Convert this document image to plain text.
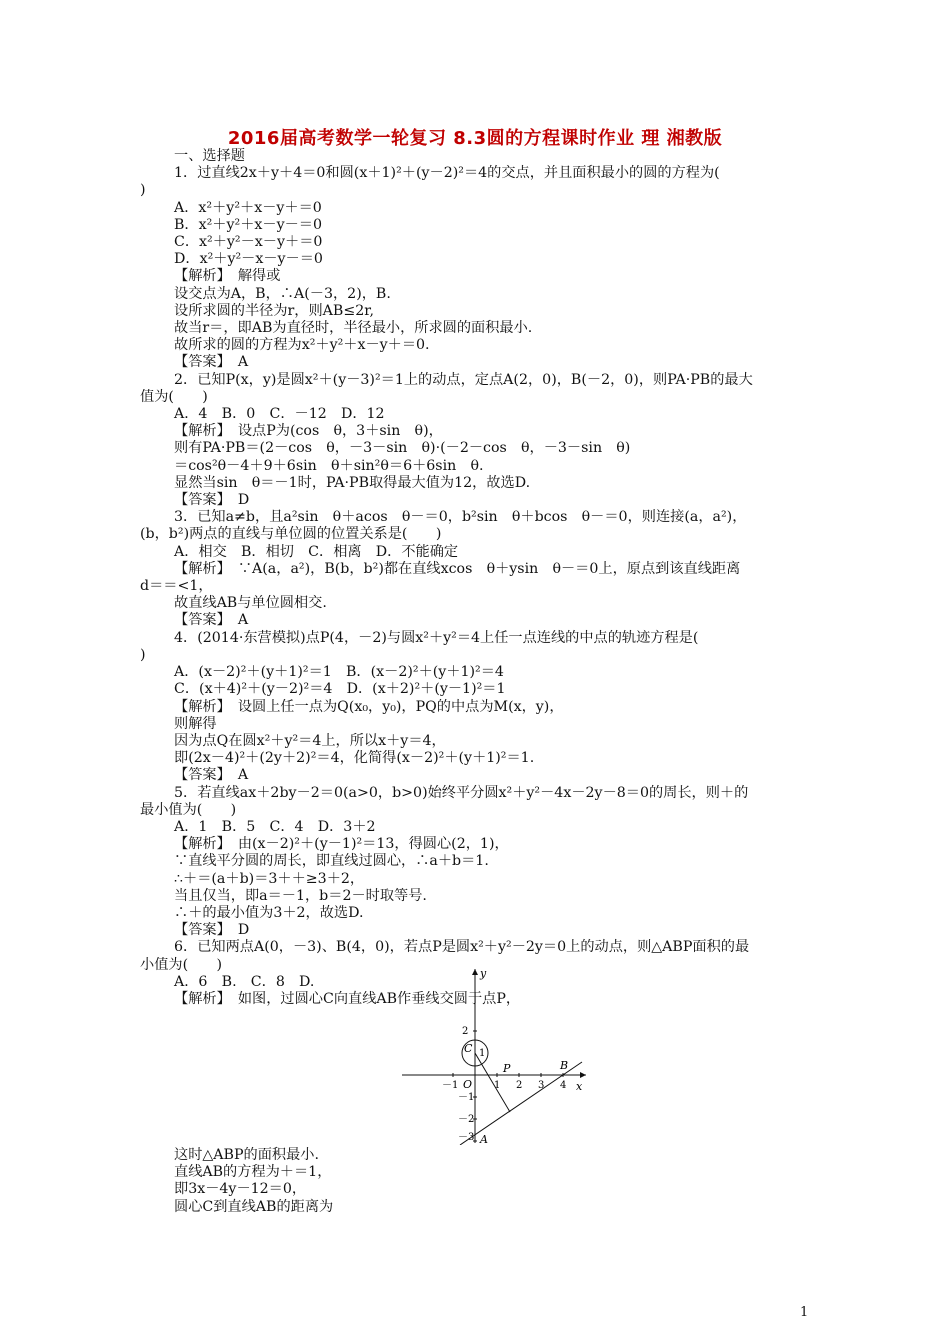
2016届高考数学一轮复习 8.3圆的方程课时作业 理 湘教版
一、选择题
1．过直线2x＋y＋4＝0和圆(x＋1)²＋(y－2)²＝4的交点，并且面积最小的圆的方程为(
)
A．x²＋y²＋x－y＋＝0
B．x²＋y²＋x－y－＝0
C．x²＋y²－x－y＋＝0
D．x²＋y²－x－y－＝0
【解析】　解得或
设交点为A，B，∴A(－3，2)，B.
设所求圆的半径为r，则AB≤2r,
故当r＝，即AB为直径时，半径最小，所求圆的面积最小.
故所求的圆的方程为x²＋y²＋x－y＋＝0.
【答案】　A
2．已知P(x，y)是圆x²＋(y－3)²＝1上的动点，定点A(2，0)，B(－2，0)，则PA·PB的最大
值为(　　)
A．4　B．0　C．－12　D．12
【解析】　设点P为(cos　θ，3＋sin　θ)，
则有PA·PB＝(2－cos　θ，－3－sin　θ)·(－2－cos　θ，－3－sin　θ)
＝cos²θ－4＋9＋6sin　θ＋sin²θ＝6＋6sin　θ.
显然当sin　θ＝－1时，PA·PB取得最大值为12，故选D.
【答案】　D
3．已知a≠b，且a²sin　θ＋acos　θ－＝0，b²sin　θ＋bcos　θ－＝0，则连接(a，a²)，
(b，b²)两点的直线与单位圆的位置关系是(　　)
A．相交　B．相切　C．相离　D．不能确定
【解析】　∵A(a，a²)，B(b，b²)都在直线xcos　θ＋ysin　θ－＝0上，原点到该直线距离
d＝＝<1，
故直线AB与单位圆相交.
【答案】　A
4．(2014·东营模拟)点P(4，－2)与圆x²＋y²＝4上任一点连线的中点的轨迹方程是(
)
A．(x－2)²＋(y＋1)²＝1　B．(x－2)²＋(y＋1)²＝4
C．(x＋4)²＋(y－2)²＝4　D．(x＋2)²＋(y－1)²＝1
【解析】　设圆上任一点为Q(x₀，y₀)，PQ的中点为M(x，y)，
则解得
因为点Q在圆x²＋y²＝4上，所以x＋y＝4，
即(2x－4)²＋(2y＋2)²＝4，化简得(x－2)²＋(y＋1)²＝1.
【答案】　A
5．若直线ax＋2by－2＝0(a>0，b>0)始终平分圆x²＋y²－4x－2y－8＝0的周长，则＋的
最小值为(　　)
A．1　B．5　C．4　D．3＋2
【解析】　由(x－2)²＋(y－1)²＝13，得圆心(2，1)，
∵直线平分圆的周长，即直线过圆心，∴a＋b＝1.
∴＋＝(a＋b)＝3＋＋≥3＋2，
当且仅当，即a＝－1，b＝2－时取等号.
∴＋的最小值为3＋2，故选D.
【答案】　D
6．已知两点A(0，－3)、B(4，0)，若点P是圆x²＋y²－2y＝0上的动点，则△ABP面积的最
小值为(　　)
A．6　B.　C．8　D.
【解析】　如图，过圆心C向直线AB作垂线交圆于点P，
y
x
O
－1	1 2 3 4
2
1
－1
－2
－3
C
P	B
A
这时△ABP的面积最小.
直线AB的方程为＋＝1，
即3x－4y－12＝0，
圆心C到直线AB的距离为
1
